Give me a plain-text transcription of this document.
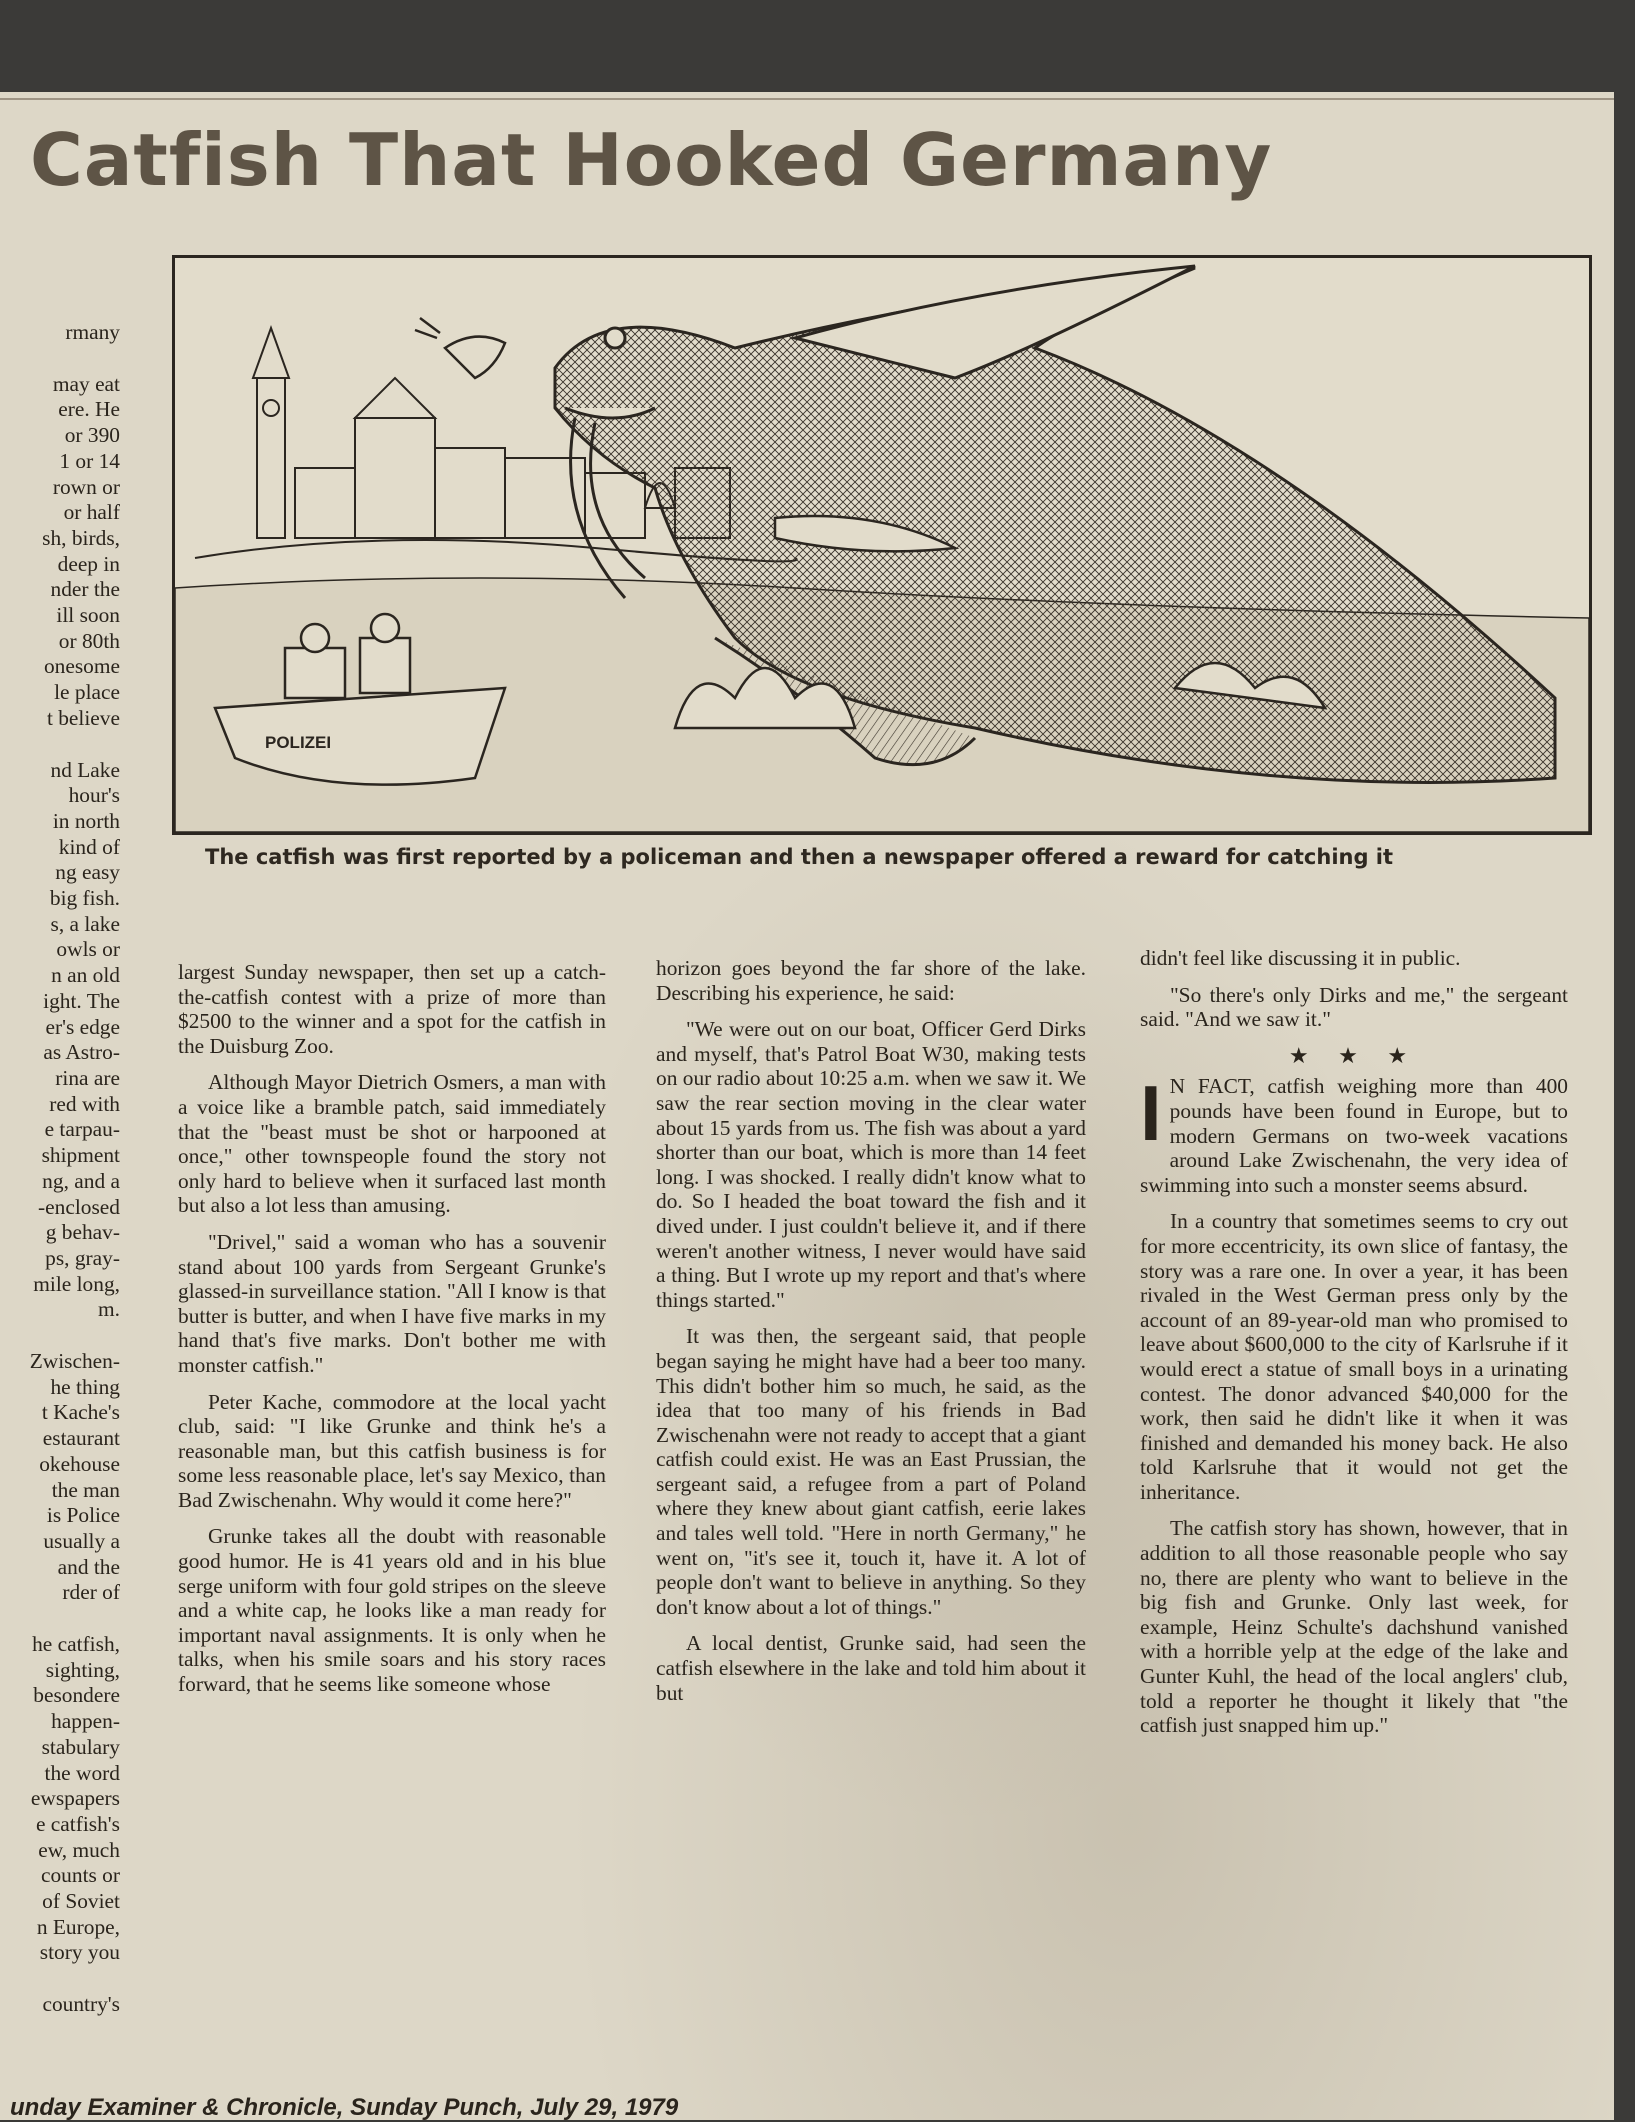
Catfish That Hooked Germany
POLIZEI
The catfish was first reported by a policeman and then a newspaper offered a reward for catching it
rmany
may eat
ere. He
or 390
1 or 14
rown or
or half
sh, birds,
deep in
nder the
ill soon
or 80th
onesome
le place
t believe
nd Lake
hour's
in north
kind of
ng easy
big fish.
s, a lake
owls or
n an old
ight. The
er's edge
as Astro-
rina are
red with
e tarpau-
shipment
ng, and a
-enclosed
g behav-
ps, gray-
mile long,
m.
Zwischen-
he thing
t Kache's
estaurant
okehouse
the man
is Police
usually a
and the
rder of
he catfish,
sighting,
besondere
happen-
stabulary
the word
ewspapers
e catfish's
ew, much
counts or
of Soviet
n Europe,
story you
country's

largest Sunday newspaper, then set up a catch-the-catfish contest with a prize of more than $2500 to the winner and a spot for the catfish in the Duisburg Zoo.

Although Mayor Dietrich Osmers, a man with a voice like a bramble patch, said immediately that the "beast must be shot or harpooned at once," other townspeople found the story not only hard to believe when it surfaced last month but also a lot less than amusing.

"Drivel," said a woman who has a souvenir stand about 100 yards from Sergeant Grunke's glassed-in surveillance station. "All I know is that butter is butter, and when I have five marks in my hand that's five marks. Don't bother me with monster catfish."

Peter Kache, commodore at the local yacht club, said: "I like Grunke and think he's a reasonable man, but this catfish business is for some less reasonable place, let's say Mexico, than Bad Zwischenahn. Why would it come here?"

Grunke takes all the doubt with reasonable good humor. He is 41 years old and in his blue serge uniform with four gold stripes on the sleeve and a white cap, he looks like a man ready for important naval assignments. It is only when he talks, when his smile soars and his story races forward, that he seems like someone whose

horizon goes beyond the far shore of the lake. Describing his experience, he said:

"We were out on our boat, Officer Gerd Dirks and myself, that's Patrol Boat W30, making tests on our radio about 10:25 a.m. when we saw it. We saw the rear section moving in the clear water about 15 yards from us. The fish was about a yard shorter than our boat, which is more than 14 feet long. I was shocked. I really didn't know what to do. So I headed the boat toward the fish and it dived under. I just couldn't believe it, and if there weren't another witness, I never would have said a thing. But I wrote up my report and that's where things started."

It was then, the sergeant said, that people began saying he might have had a beer too many. This didn't bother him so much, he said, as the idea that too many of his friends in Bad Zwischenahn were not ready to accept that a giant catfish could exist. He was an East Prussian, the sergeant said, a refugee from a part of Poland where they knew about giant catfish, eerie lakes and tales well told. "Here in north Germany," he went on, "it's see it, touch it, have it. A lot of people don't want to believe in anything. So they don't know about a lot of things."

A local dentist, Grunke said, had seen the catfish elsewhere in the lake and told him about it but

didn't feel like discussing it in public.

"So there's only Dirks and me," the sergeant said. "And we saw it."

★ ★ ★

I N FACT, catfish weighing more than 400 pounds have been found in Europe, but to modern Germans on two-week vacations around Lake Zwischenahn, the very idea of swimming into such a monster seems absurd.

In a country that sometimes seems to cry out for more eccentricity, its own slice of fantasy, the story was a rare one. In over a year, it has been rivaled in the West German press only by the account of an 89-year-old man who promised to leave about $600,000 to the city of Karlsruhe if it would erect a statue of small boys in a urinating contest. The donor advanced $40,000 for the work, then said he didn't like it when it was finished and demanded his money back. He also told Karlsruhe that it would not get the inheritance.

The catfish story has shown, however, that in addition to all those reasonable people who say no, there are plenty who want to believe in the big fish and Grunke. Only last week, for example, Heinz Schulte's dachshund vanished with a horrible yelp at the edge of the lake and Gunter Kuhl, the head of the local anglers' club, told a reporter he thought it likely that "the catfish just snapped him up."

unday Examiner & Chronicle, Sunday Punch, July 29, 1979
